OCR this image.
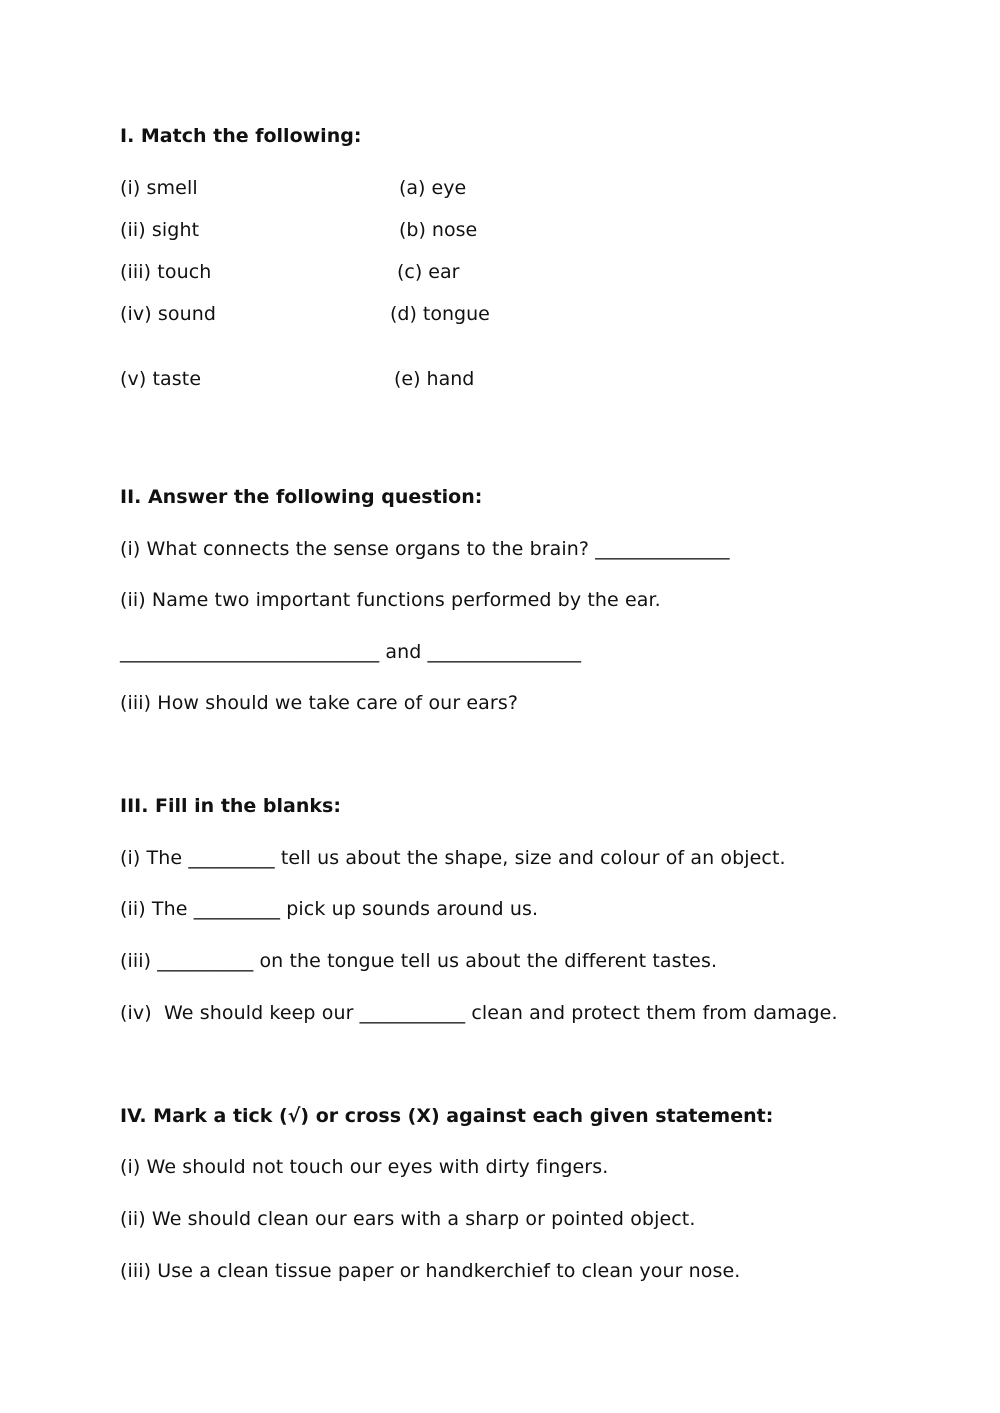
I. Match the following:
(i) smell	(a) eye
(ii) sight	(b) nose
(iii) touch	(c) ear
(iv) sound	(d) tongue
(v) taste	(e) hand
II. Answer the following question:
(i) What connects the sense organs to the brain? ______________
(ii) Name two important functions performed by the ear.
___________________________ and ________________
(iii) How should we take care of our ears?
III. Fill in the blanks:
(i) The _________ tell us about the shape, size and colour of an object.
(ii) The _________ pick up sounds around us.
(iii) __________ on the tongue tell us about the different tastes.
(iv)  We should keep our ___________ clean and protect them from damage.
IV. Mark a tick (√) or cross (X) against each given statement:
(i) We should not touch our eyes with dirty fingers.
(ii) We should clean our ears with a sharp or pointed object.
(iii) Use a clean tissue paper or handkerchief to clean your nose.
